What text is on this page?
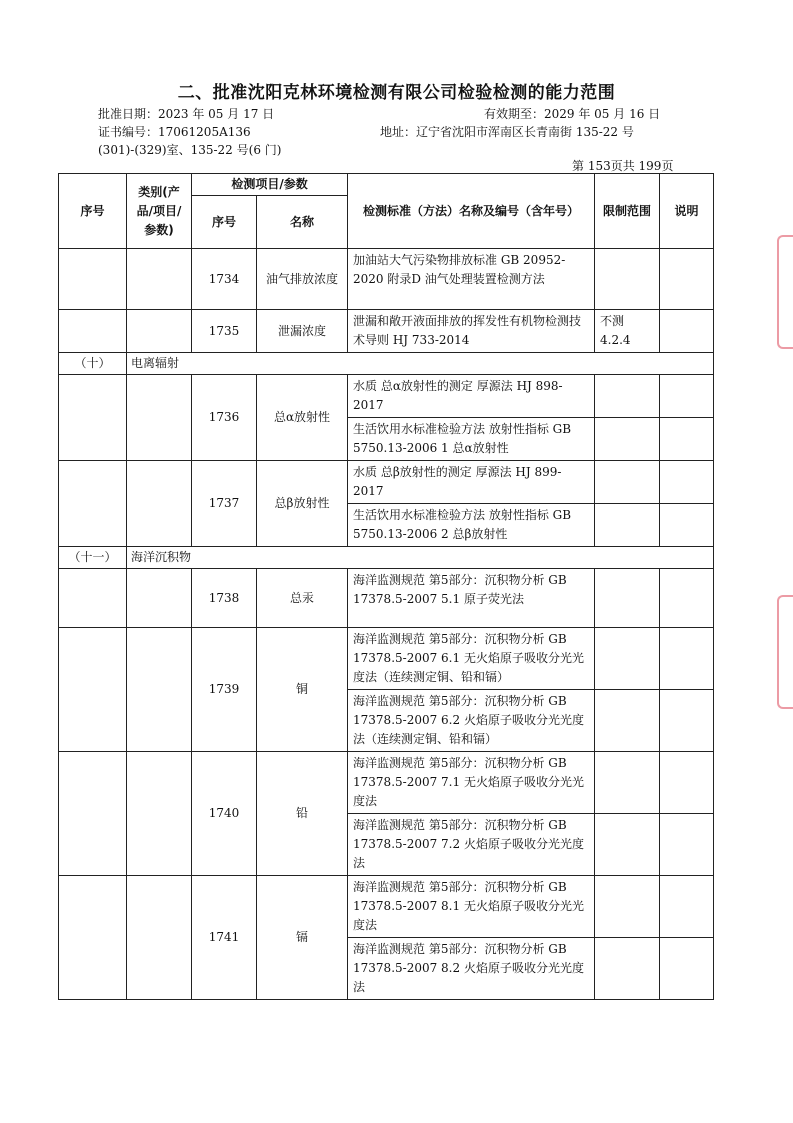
二、批准沈阳克林环境检测有限公司检验检测的能力范围
批准日期：2023 年 05 月 17 日	有效期至：2029 年 05 月 16 日
证书编号：17061205A136	地址：辽宁省沈阳市浑南区长青南街 135-22 号
(301)-(329)室、135-22 号(6 门)
第 153页共 199页
序号	类别(产品/项目/参数)	检测项目/参数		检测标准（方法）名称及编号（含年号）	限制范围	说明
		序号	名称			
		1734	油气排放浓度	加油站大气污染物排放标准 GB 20952-2020 附录D 油气处理装置检测方法		
		1735	泄漏浓度	泄漏和敞开液面排放的挥发性有机物检测技术导则 HJ 733-2014	不测 4.2.4	
（十）	电离辐射					
		1736	总α放射性	水质 总α放射性的测定 厚源法 HJ 898-2017		
				生活饮用水标准检验方法 放射性指标 GB 5750.13-2006 1 总α放射性		
		1737	总β放射性	水质 总β放射性的测定 厚源法 HJ 899-2017		
				生活饮用水标准检验方法 放射性指标 GB 5750.13-2006 2 总β放射性		
（十一）	海洋沉积物					
		1738	总汞	海洋监测规范 第5部分：沉积物分析 GB 17378.5-2007 5.1 原子荧光法		
		1739	铜	海洋监测规范 第5部分：沉积物分析 GB 17378.5-2007 6.1 无火焰原子吸收分光光度法（连续测定铜、铅和镉）		
				海洋监测规范 第5部分：沉积物分析 GB 17378.5-2007 6.2 火焰原子吸收分光光度法（连续测定铜、铅和镉）		
		1740	铅	海洋监测规范 第5部分：沉积物分析 GB 17378.5-2007 7.1 无火焰原子吸收分光光度法		
				海洋监测规范 第5部分：沉积物分析 GB 17378.5-2007 7.2 火焰原子吸收分光光度法		
		1741	镉	海洋监测规范 第5部分：沉积物分析 GB 17378.5-2007 8.1 无火焰原子吸收分光光度法		
				海洋监测规范 第5部分：沉积物分析 GB 17378.5-2007 8.2 火焰原子吸收分光光度法		
